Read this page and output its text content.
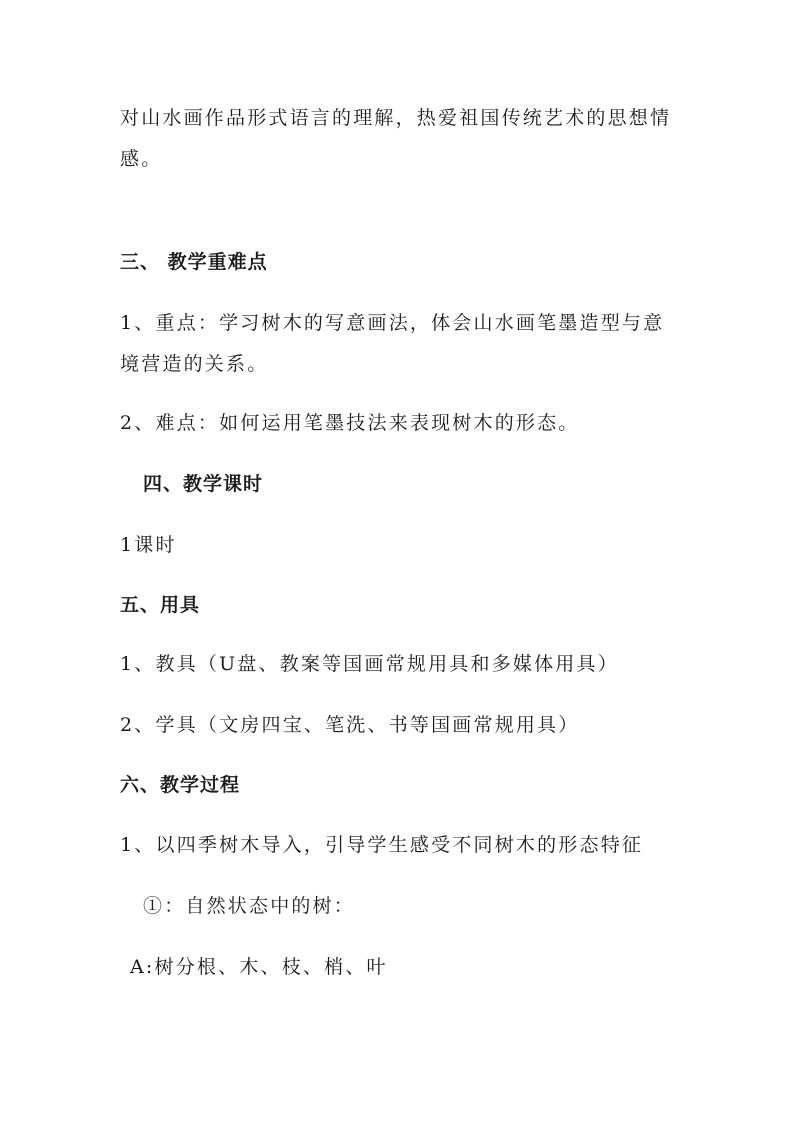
对山水画作品形式语言的理解，热爱祖国传统艺术的思想情
感。
三、 教学重难点
1、重点：学习树木的写意画法，体会山水画笔墨造型与意
境营造的关系。
2、难点：如何运用笔墨技法来表现树木的形态。
四、教学课时
1课时
五、用具
1、教具（U盘、教案等国画常规用具和多媒体用具）
2、学具（文房四宝、笔洗、书等国画常规用具）
六、教学过程
1、以四季树木导入，引导学生感受不同树木的形态特征
①：自然状态中的树：
A:树分根、木、枝、梢、叶
